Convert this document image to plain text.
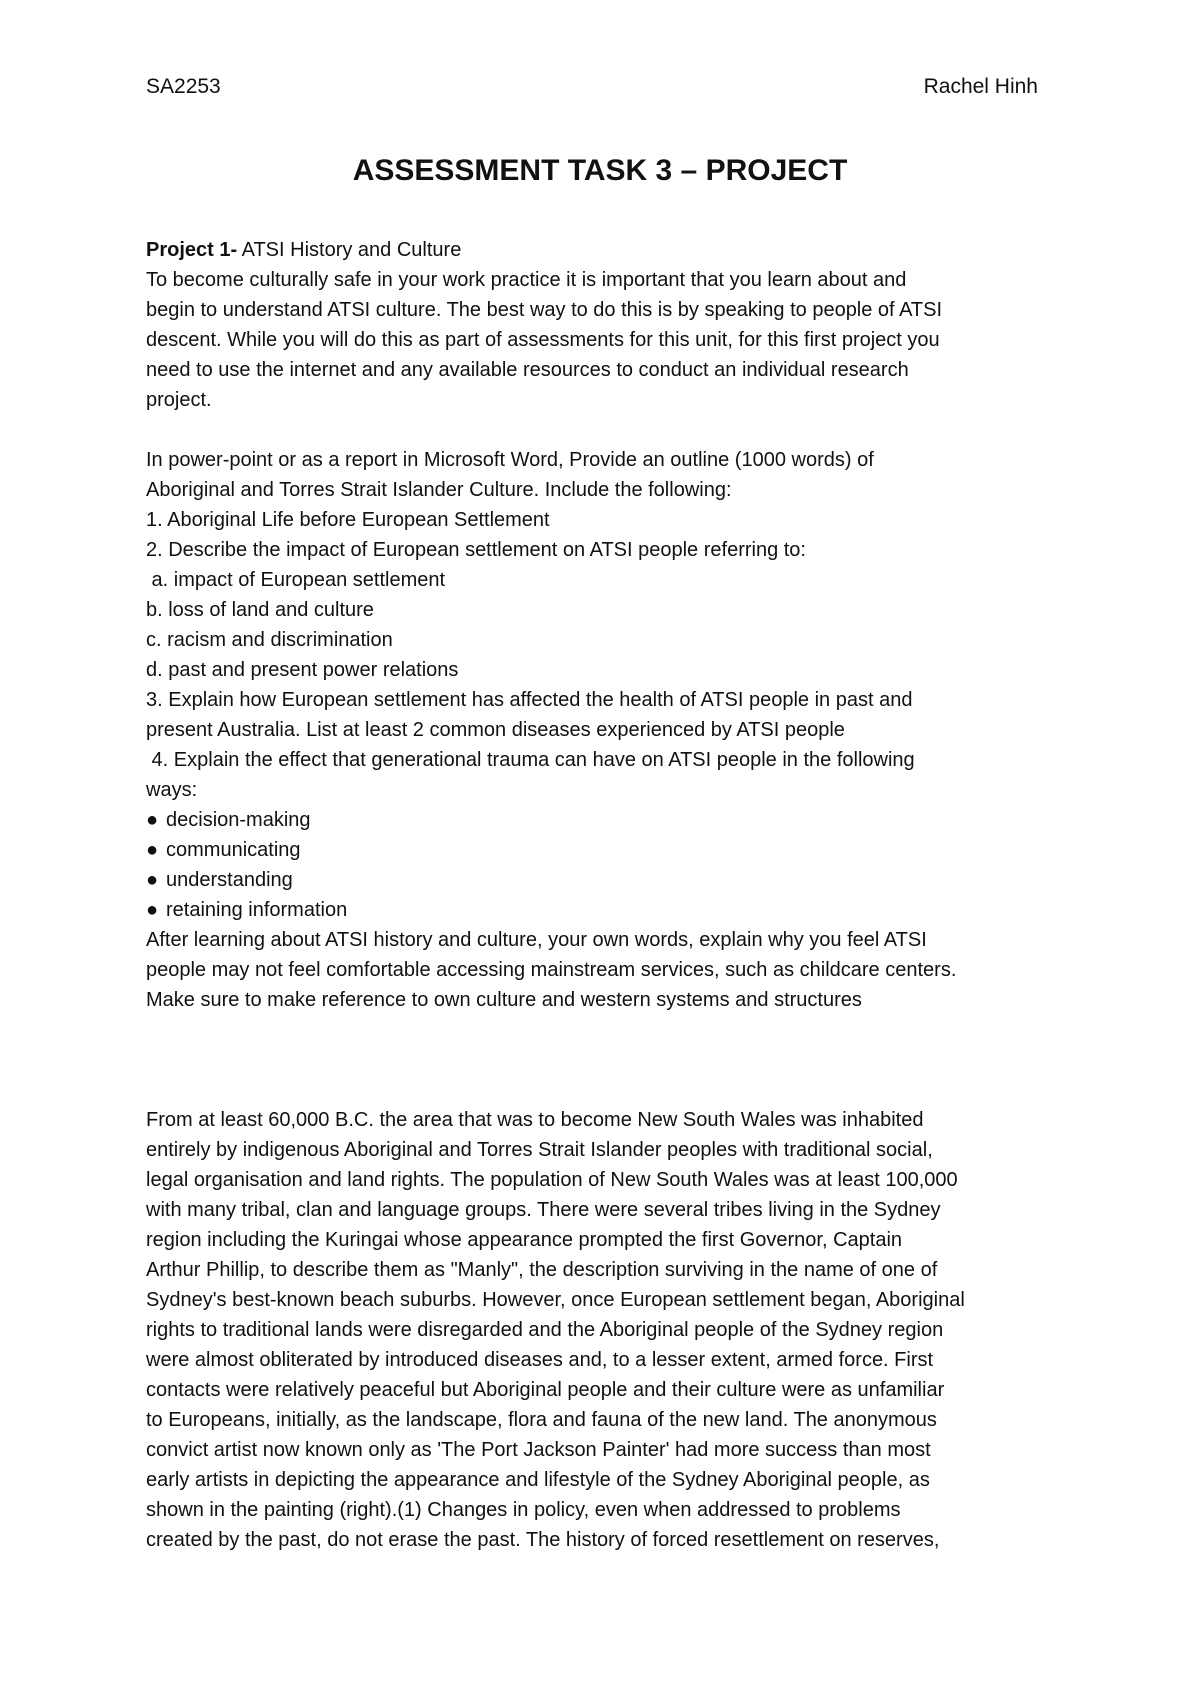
SA2253	Rachel Hinh
ASSESSMENT TASK 3 – PROJECT

Project 1- ATSI History and Culture

To become culturally safe in your work practice it is important that you learn about and

begin to understand ATSI culture. The best way to do this is by speaking to people of ATSI

descent. While you will do this as part of assessments for this unit, for this first project you

need to use the internet and any available resources to conduct an individual research

project.

In power-point or as a report in Microsoft Word, Provide an outline (1000 words) of

Aboriginal and Torres Strait Islander Culture. Include the following:

1. Aboriginal Life before European Settlement

2. Describe the impact of European settlement on ATSI people referring to:

a. impact of European settlement

b. loss of land and culture

c. racism and discrimination

d. past and present power relations

3. Explain how European settlement has affected the health of ATSI people in past and

present Australia. List at least 2 common diseases experienced by ATSI people

4. Explain the effect that generational trauma can have on ATSI people in the following

ways:

● decision-making

● communicating

● understanding

● retaining information

After learning about ATSI history and culture, your own words, explain why you feel ATSI

people may not feel comfortable accessing mainstream services, such as childcare centers.

Make sure to make reference to own culture and western systems and structures

From at least 60,000 B.C. the area that was to become New South Wales was inhabited

entirely by indigenous Aboriginal and Torres Strait Islander peoples with traditional social,

legal organisation and land rights. The population of New South Wales was at least 100,000

with many tribal, clan and language groups. There were several tribes living in the Sydney

region including the Kuringai whose appearance prompted the first Governor, Captain

Arthur Phillip, to describe them as "Manly", the description surviving in the name of one of

Sydney's best-known beach suburbs. However, once European settlement began, Aboriginal

rights to traditional lands were disregarded and the Aboriginal people of the Sydney region

were almost obliterated by introduced diseases and, to a lesser extent, armed force. First

contacts were relatively peaceful but Aboriginal people and their culture were as unfamiliar

to Europeans, initially, as the landscape, flora and fauna of the new land. The anonymous

convict artist now known only as 'The Port Jackson Painter' had more success than most

early artists in depicting the appearance and lifestyle of the Sydney Aboriginal people, as

shown in the painting (right).(1) Changes in policy, even when addressed to problems

created by the past, do not erase the past. The history of forced resettlement on reserves,
